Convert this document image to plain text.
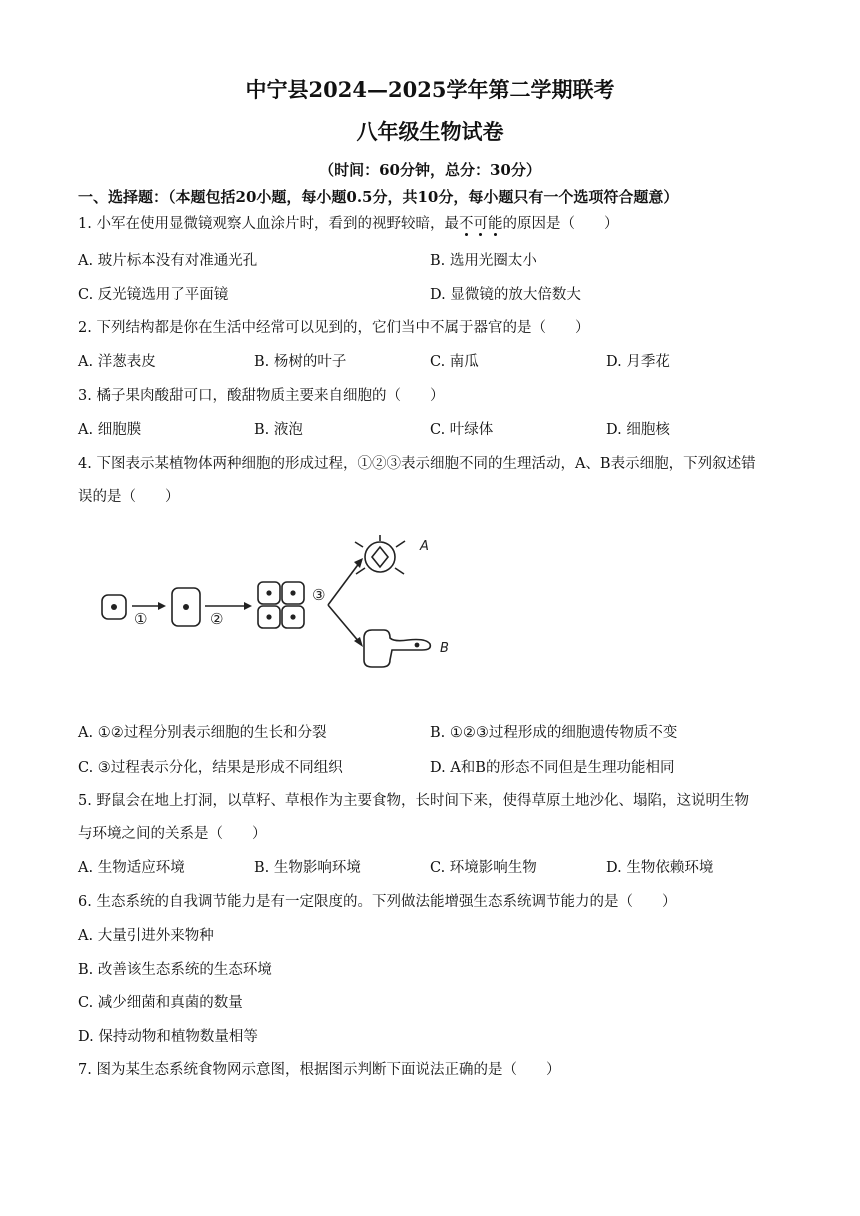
中宁县2024—2025学年第二学期联考
八年级生物试卷
（时间：60分钟，总分：30分）
一、选择题：（本题包括20小题，每小题0.5分，共10分，每小题只有一个选项符合题意）
1. 小军在使用显微镜观察人血涂片时，看到的视野较暗，最不可能的原因是（　　）
A. 玻片标本没有对准通光孔	B. 选用光圈太小
C. 反光镜选用了平面镜	D. 显微镜的放大倍数大
2. 下列结构都是你在生活中经常可以见到的，它们当中不属于器官的是（　　）
A. 洋葱表皮	B. 杨树的叶子	C. 南瓜	D. 月季花
3. 橘子果肉酸甜可口，酸甜物质主要来自细胞的（　　）
A. 细胞膜	B. 液泡	C. 叶绿体	D. 细胞核
4. 下图表示某植物体两种细胞的形成过程，①②③表示细胞不同的生理活动，A、B表示细胞，下列叙述错
误的是（　　）
①	②
③
A
B
A. ①②过程分别表示细胞的生长和分裂	B. ①②③过程形成的细胞遗传物质不变
C. ③过程表示分化，结果是形成不同组织	D. A和B的形态不同但是生理功能相同
5. 野鼠会在地上打洞，以草籽、草根作为主要食物，长时间下来，使得草原土地沙化、塌陷，这说明生物
与环境之间的关系是（　　）
A. 生物适应环境	B. 生物影响环境	C. 环境影响生物	D. 生物依赖环境
6. 生态系统的自我调节能力是有一定限度的。下列做法能增强生态系统调节能力的是（　　）
A. 大量引进外来物种
B. 改善该生态系统的生态环境
C. 减少细菌和真菌的数量
D. 保持动物和植物数量相等
7. 图为某生态系统食物网示意图，根据图示判断下面说法正确的是（　　）
